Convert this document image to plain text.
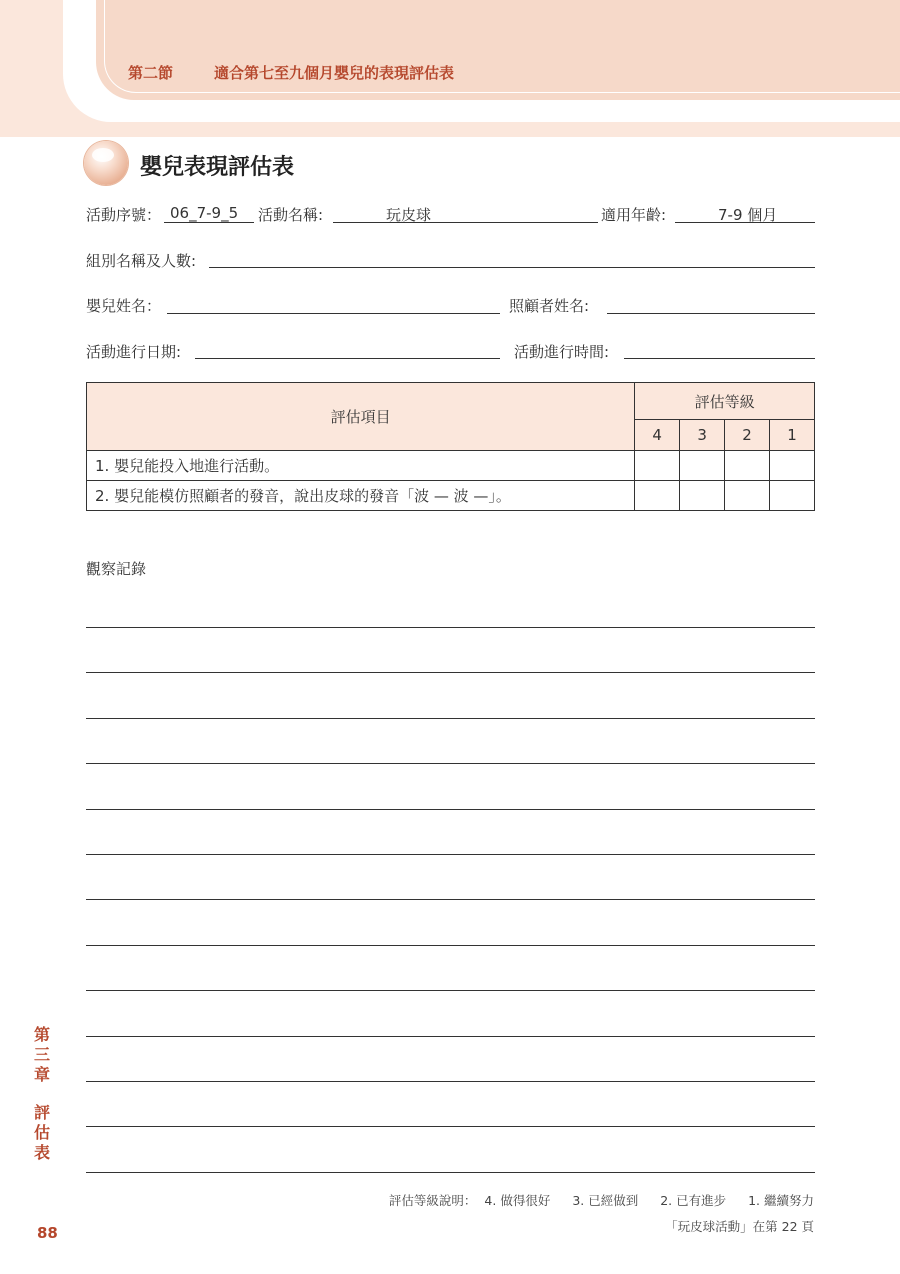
第二節	適合第七至九個月嬰兒的表現評估表
嬰兒表現評估表
活動序號： 06_7-9_5 活動名稱:	玩皮球	適用年齡:	7-9 個月
組別名稱及人數:
嬰兒姓名：	照顧者姓名:
活動進行日期:	活動進行時間:
評估項目	評估等級			
	4	3	2	1
1. 嬰兒能投入地進行活動。				
2. 嬰兒能模仿照顧者的發音，說出皮球的發音「波 — 波 —」。				
觀察記錄
第
三
章
評
估
表
88
評估等級說明： 4. 做得很好 3. 已經做到 2. 已有進步 1. 繼續努力
「玩皮球活動」在第 22 頁
